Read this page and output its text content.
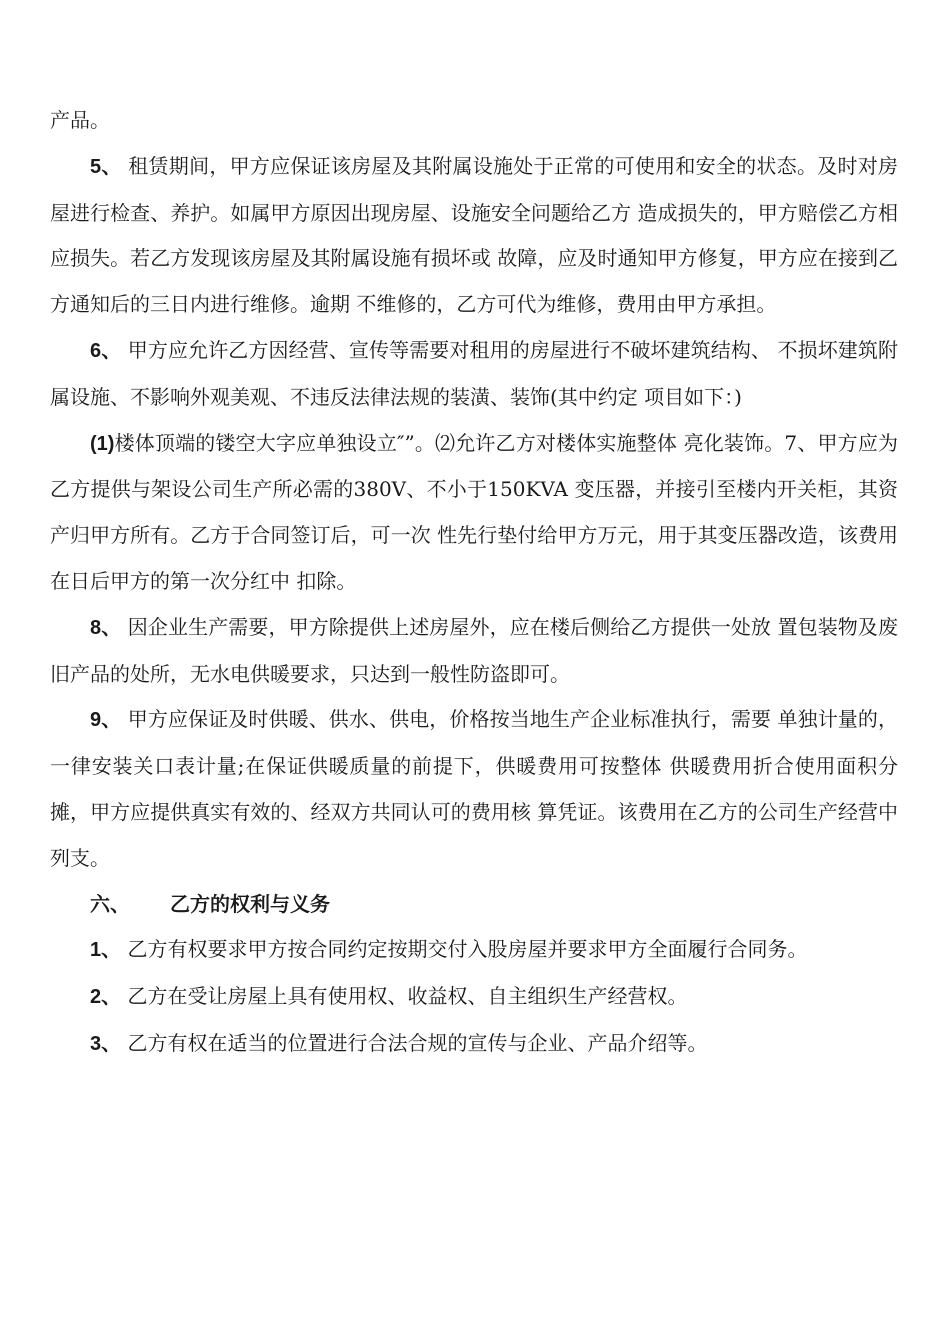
产品。

5、 租赁期间，甲方应保证该房屋及其附属设施处于正常的可使用和安全的状态。及时对房屋进行检查、养护。如属甲方原因出现房屋、设施安全问题给乙方 造成损失的，甲方赔偿乙方相应损失。若乙方发现该房屋及其附属设施有损坏或 故障，应及时通知甲方修复，甲方应在接到乙方通知后的三日内进行维修。逾期 不维修的，乙方可代为维修，费用由甲方承担。

6、 甲方应允许乙方因经营、宣传等需要对租用的房屋进行不破坏建筑结构、 不损坏建筑附属设施、不影响外观美观、不违反法律法规的装潢、装饰(其中约定 项目如下：)

(1)楼体顶端的镂空大字应单独设立″”。⑵允许乙方对楼体实施整体 亮化装饰。7、甲方应为乙方提供与架设公司生产所必需的380V、不小于150KVA 变压器，并接引至楼内开关柜，其资产归甲方所有。乙方于合同签订后，可一次 性先行垫付给甲方万元，用于其变压器改造，该费用在日后甲方的第一次分红中 扣除。

8、 因企业生产需要，甲方除提供上述房屋外，应在楼后侧给乙方提供一处放 置包装物及废旧产品的处所，无水电供暖要求，只达到一般性防盗即可。

9、 甲方应保证及时供暖、供水、供电，价格按当地生产企业标准执行，需要 单独计量的，一律安装关口表计量;在保证供暖质量的前提下，供暖费用可按整体 供暖费用折合使用面积分摊，甲方应提供真实有效的、经双方共同认可的费用核 算凭证。该费用在乙方的公司生产经营中列支。

六、 乙方的权利与义务

1、 乙方有权要求甲方按合同约定按期交付入股房屋并要求甲方全面履行合同务。

2、 乙方在受让房屋上具有使用权、收益权、自主组织生产经营权。

3、 乙方有权在适当的位置进行合法合规的宣传与企业、产品介绍等。
